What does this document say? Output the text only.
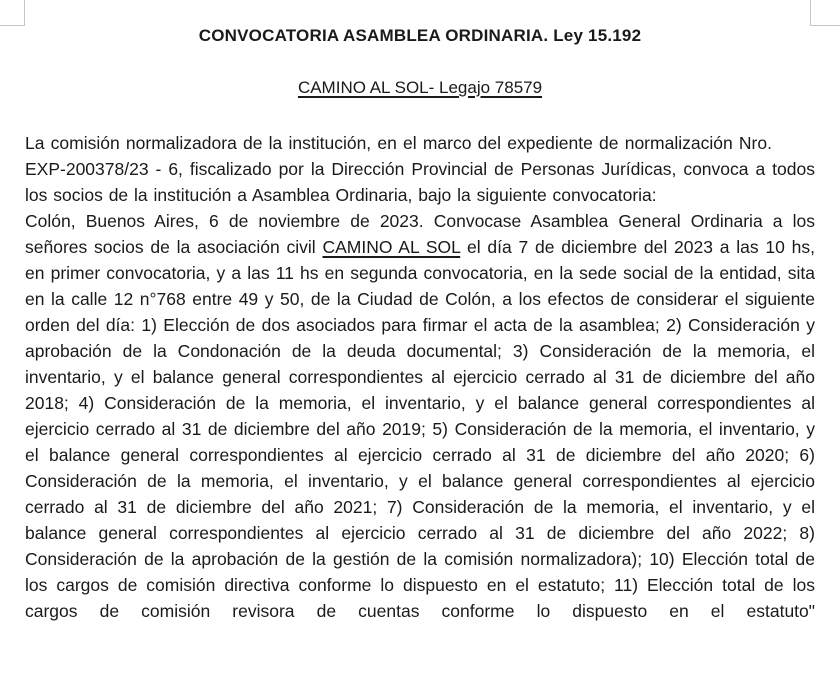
CONVOCATORIA ASAMBLEA ORDINARIA. Ley 15.192
CAMINO AL SOL- Legajo 78579

La comisión normalizadora de la institución, en el marco del expediente de normalización Nro.        EXP-200378/23 - 6, fiscalizado por la Dirección Provincial de Personas Jurídicas, convoca a todos los socios de la institución a Asamblea Ordinaria, bajo la siguiente convocatoria:

Colón, Buenos Aires, 6 de noviembre de 2023. Convocase Asamblea General Ordinaria a los señores socios de la asociación civil CAMINO AL SOL el día 7 de diciembre del 2023 a las 10 hs, en primer convocatoria, y a las 11 hs en segunda convocatoria, en la sede social de la entidad, sita en la calle 12 n°768 entre 49 y 50, de la Ciudad de Colón, a los efectos de considerar el siguiente orden del día: 1) Elección de dos asociados para firmar el acta de la asamblea; 2) Consideración y aprobación de la Condonación de la deuda documental; 3) Consideración de la memoria, el inventario, y el balance general correspondientes al ejercicio cerrado al 31 de diciembre del año 2018; 4) Consideración de la memoria, el inventario, y el balance general correspondientes al ejercicio cerrado al 31 de diciembre del año 2019; 5) Consideración de la memoria, el inventario, y el balance general correspondientes al ejercicio cerrado al 31 de diciembre del año 2020; 6) Consideración de la memoria, el inventario, y el balance general correspondientes al ejercicio cerrado al 31 de diciembre del año 2021; 7) Consideración de la memoria, el inventario, y el balance general correspondientes al ejercicio cerrado al 31 de diciembre del año 2022; 8) Consideración de la aprobación de la gestión de la comisión normalizadora); 10) Elección total de los cargos de comisión directiva conforme lo dispuesto en el estatuto; 11) Elección total de los cargos de comisión revisora de cuentas conforme lo dispuesto en el estatuto"
